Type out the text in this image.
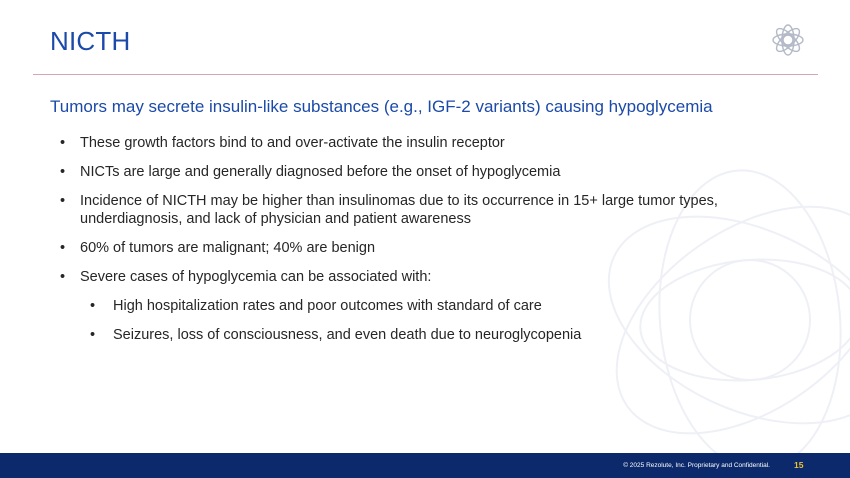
NICTH
Tumors may secrete insulin-like substances (e.g., IGF-2 variants) causing hypoglycemia
• These growth factors bind to and over-activate the insulin receptor
• NICTs are large and generally diagnosed before the onset of hypoglycemia
• Incidence of NICTH may be higher than insulinomas due to its occurrence in 15+ large tumor types, underdiagnosis, and lack of physician and patient awareness
• 60% of tumors are malignant; 40% are benign
• Severe cases of hypoglycemia can be associated with:
• High hospitalization rates and poor outcomes with standard of care
• Seizures, loss of consciousness, and even death due to neuroglycopenia
© 2025 Rezolute, Inc. Proprietary and Confidential.	15
